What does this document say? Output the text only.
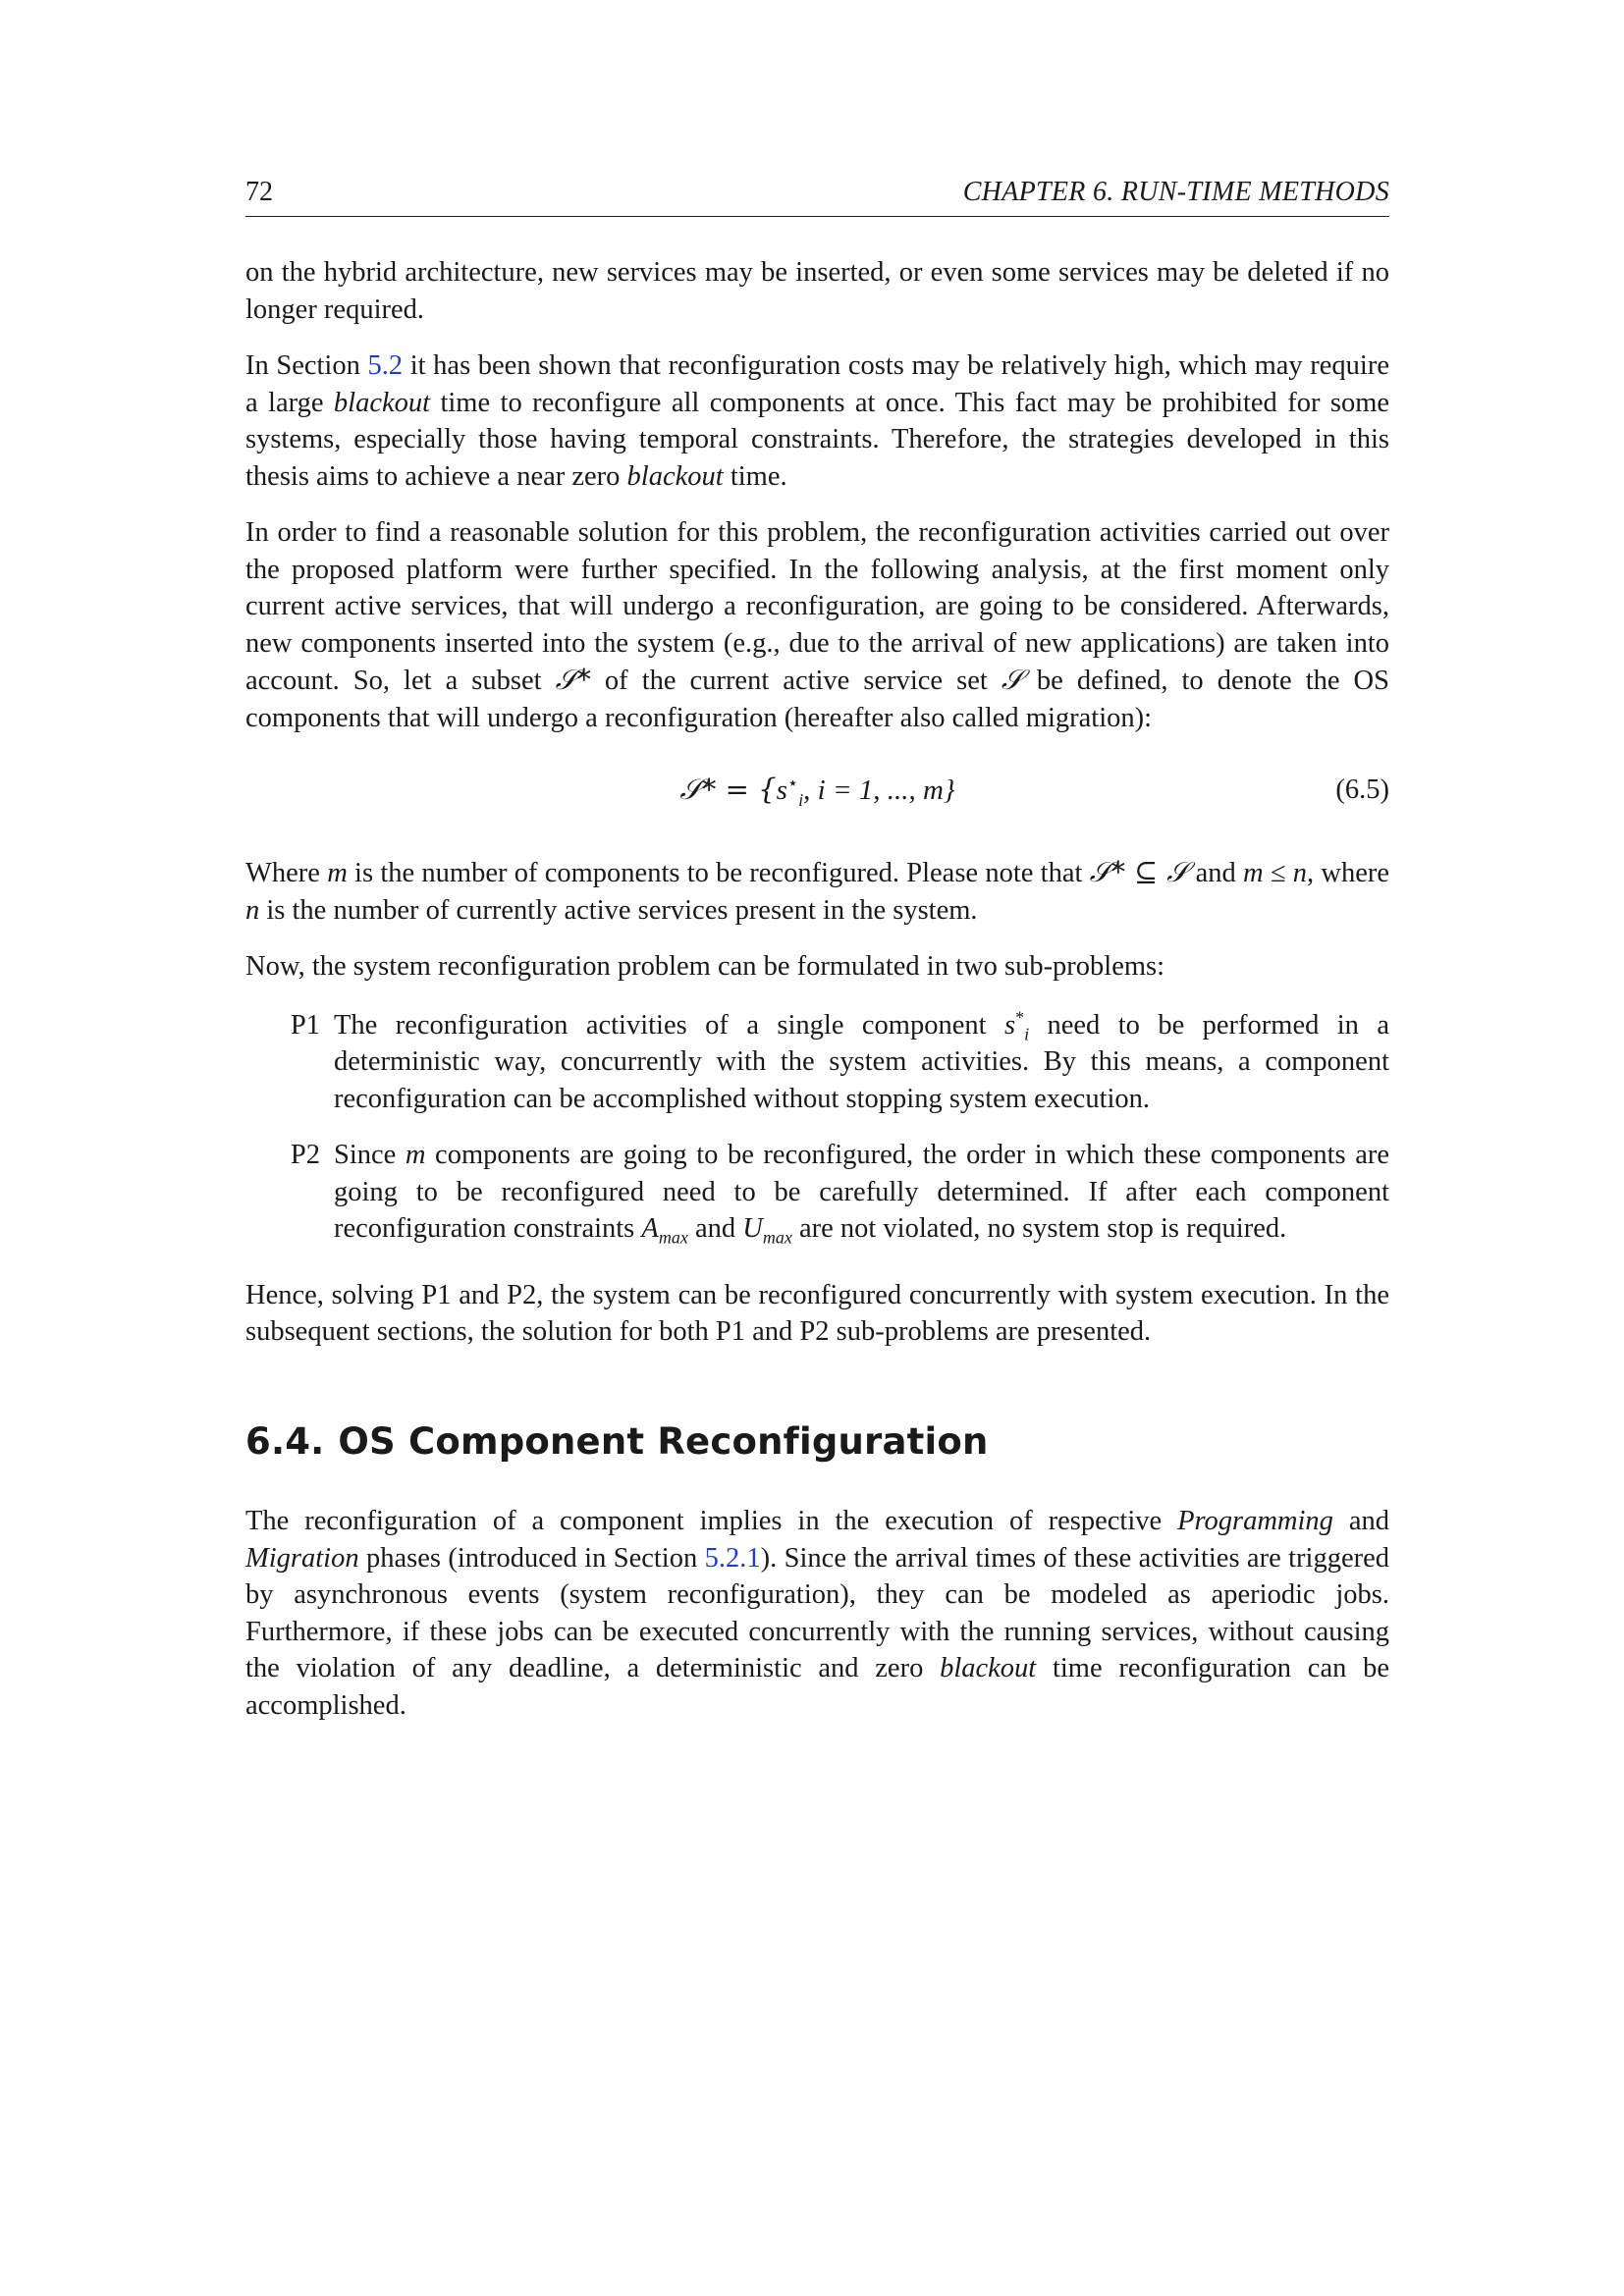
72	CHAPTER 6. RUN-TIME METHODS

on the hybrid architecture, new services may be inserted, or even some services may be deleted if no longer required.

In Section 5.2 it has been shown that reconfiguration costs may be relatively high, which may require a large blackout time to reconfigure all components at once. This fact may be prohibited for some systems, especially those having temporal constraints. Therefore, the strategies developed in this thesis aims to achieve a near zero blackout time.

In order to find a reasonable solution for this problem, the reconfiguration activities carried out over the proposed platform were further specified. In the following analysis, at the first moment only current active services, that will undergo a reconfiguration, are going to be considered. Afterwards, new components inserted into the system (e.g., due to the arrival of new applications) are taken into account. So, let a subset 𝒮* of the current active service set 𝒮 be defined, to denote the OS components that will undergo a reconfiguration (hereafter also called migration):

𝒮* = {$s^⋆_i$, i = 1, ..., m}	(6.5)

Where m is the number of components to be reconfigured. Please note that 𝒮* ⊆ 𝒮 and m ≤ n, where n is the number of currently active services present in the system.

Now, the system reconfiguration problem can be formulated in two sub-problems:

P1 The reconfiguration activities of a single component $s^*_i$ need to be performed in a deterministic way, concurrently with the system activities. By this means, a component reconfiguration can be accomplished without stopping system execution.
P2 Since m components are going to be reconfigured, the order in which these components are going to be reconfigured need to be carefully determined. If after each component reconfiguration constraints $A_{max}$ and $U_{max}$ are not violated, no system stop is required.

Hence, solving P1 and P2, the system can be reconfigured concurrently with system execution. In the subsequent sections, the solution for both P1 and P2 sub-problems are presented.

6.4. OS Component Reconfiguration

The reconfiguration of a component implies in the execution of respective Programming and Migration phases (introduced in Section 5.2.1). Since the arrival times of these activities are triggered by asynchronous events (system reconfiguration), they can be modeled as aperiodic jobs. Furthermore, if these jobs can be executed concurrently with the running services, without causing the violation of any deadline, a deterministic and zero blackout time reconfiguration can be accomplished.
